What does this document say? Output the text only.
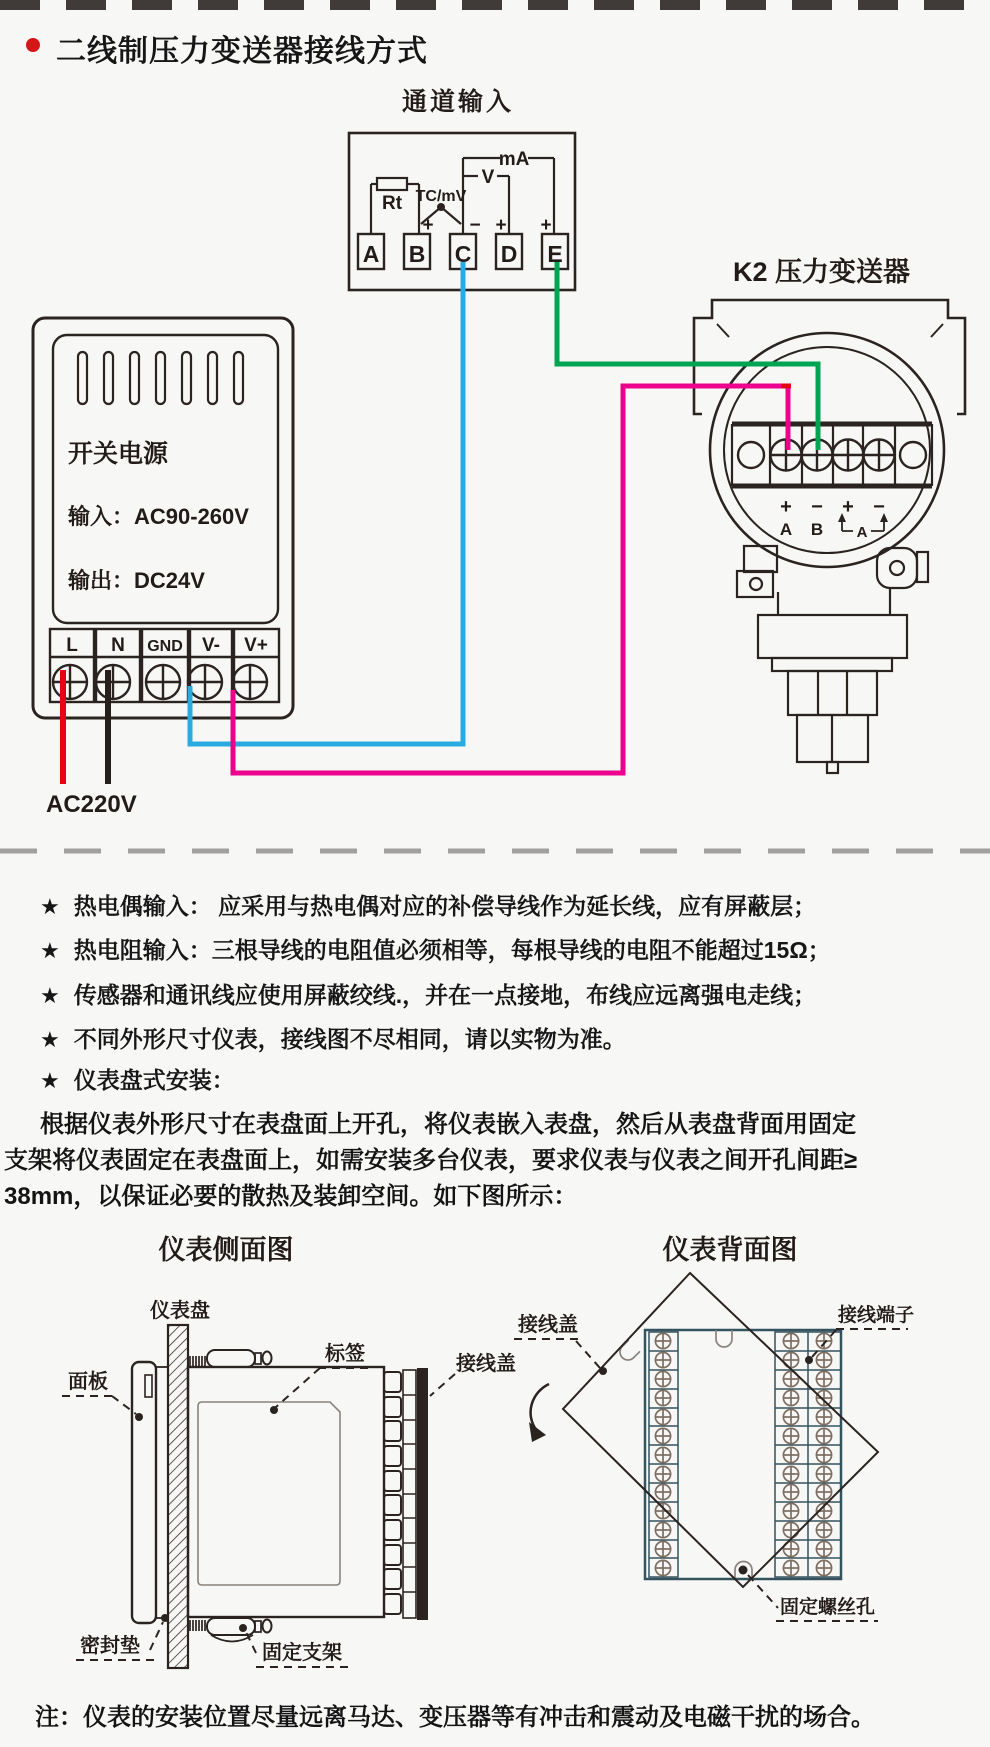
二线制压力变送器接线方式
通道输入
A B C D E
Rt TC/mV
V
mA
+ − + +
开关电源
输入：AC90-260V
输出：DC24V
L N GND V- V+
AC220V
K2 压力变送器
+ − + −
A B A
仪表侧面图
仪表盘
面板
标签	接线盖
密封垫	固定支架
仪表背面图
接线盖	接线端子
固定螺丝孔
★ 热电偶输入： 应采用与热电偶对应的补偿导线作为延长线，应有屏蔽层；
★ 热电阻输入：三根导线的电阻值必须相等，每根导线的电阻不能超过15Ω；
★ 传感器和通讯线应使用屏蔽绞线.，并在一点接地，布线应远离强电走线；
★ 不同外形尺寸仪表，接线图不尽相同，请以实物为准。
★ 仪表盘式安装：
根据仪表外形尺寸在表盘面上开孔，将仪表嵌入表盘，然后从表盘背面用固定
支架将仪表固定在表盘面上，如需安装多台仪表，要求仪表与仪表之间开孔间距≥
38mm，以保证必要的散热及装卸空间。如下图所示：
注：仪表的安装位置尽量远离马达、变压器等有冲击和震动及电磁干扰的场合。
